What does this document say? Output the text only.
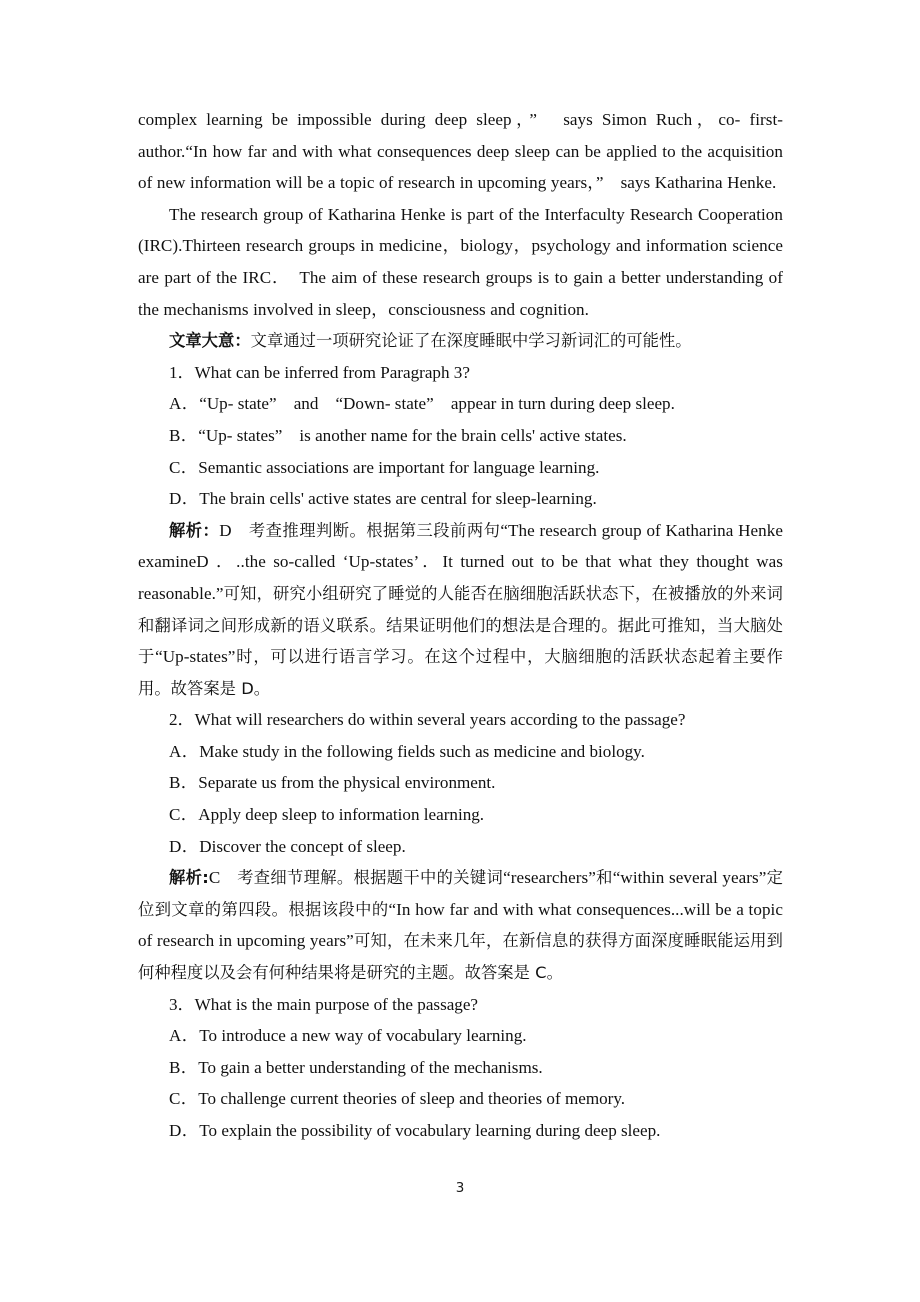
complex learning be impossible during deep sleep，”　says Simon Ruch，co‑ first‑ author.“In how far and with what consequences deep sleep can be applied to the acquisition of new information will be a topic of research in upcoming years，”　says Katharina Henke.

The research group of Katharina Henke is part of the Interfaculty Research Cooperation (IRC).Thirteen research groups in medicine，biology，psychology and information science are part of the IRC．　The aim of these research groups is to gain a better understanding of the mechanisms involved in sleep，consciousness and cognition.

文章大意：文章通过一项研究论证了在深度睡眠中学习新词汇的可能性。

1．What can be inferred from Paragraph 3?

A．“Up‑ state”　and　“Down‑ state”　appear in turn during deep sleep.

B．“Up‑ states”　is another name for the brain cells' active states.

C．Semantic associations are important for language learning.

D．The brain cells' active states are central for sleep-learning.

解析：D　 考查推理判断。根据第三段前两句“The research group of Katharina Henke examineD ．..the so-called ‘Up-states’．It turned out to be that what they thought was reasonable.”可知，研究小组研究了睡觉的人能否在脑细胞活跃状态下，在被播放的外来词和翻译词之间形成新的语义联系。结果证明他们的想法是合理的。据此可推知，当大脑处于“Up-states”时，可以进行语言学习。在这个过程中，大脑细胞的活跃状态起着主要作用。故答案是 D。

2．What will researchers do within several years according to the passage?

A．Make study in the following fields such as medicine and biology.

B．Separate us from the physical environment.

C．Apply deep sleep to information learning.

D．Discover the concept of sleep.

解析:C　 考查细节理解。根据题干中的关键词“researchers”和“within several years”定位到文章的第四段。根据该段中的“In how far and with what consequences...will be a topic of research in upcoming years”可知，在未来几年，在新信息的获得方面深度睡眠能运用到何种程度以及会有何种结果将是研究的主题。故答案是 C。

3．What is the main purpose of the passage?

A．To introduce a new way of vocabulary learning.

B．To gain a better understanding of the mechanisms.

C．To challenge current theories of sleep and theories of memory.

D．To explain the possibility of vocabulary learning during deep sleep.

3
